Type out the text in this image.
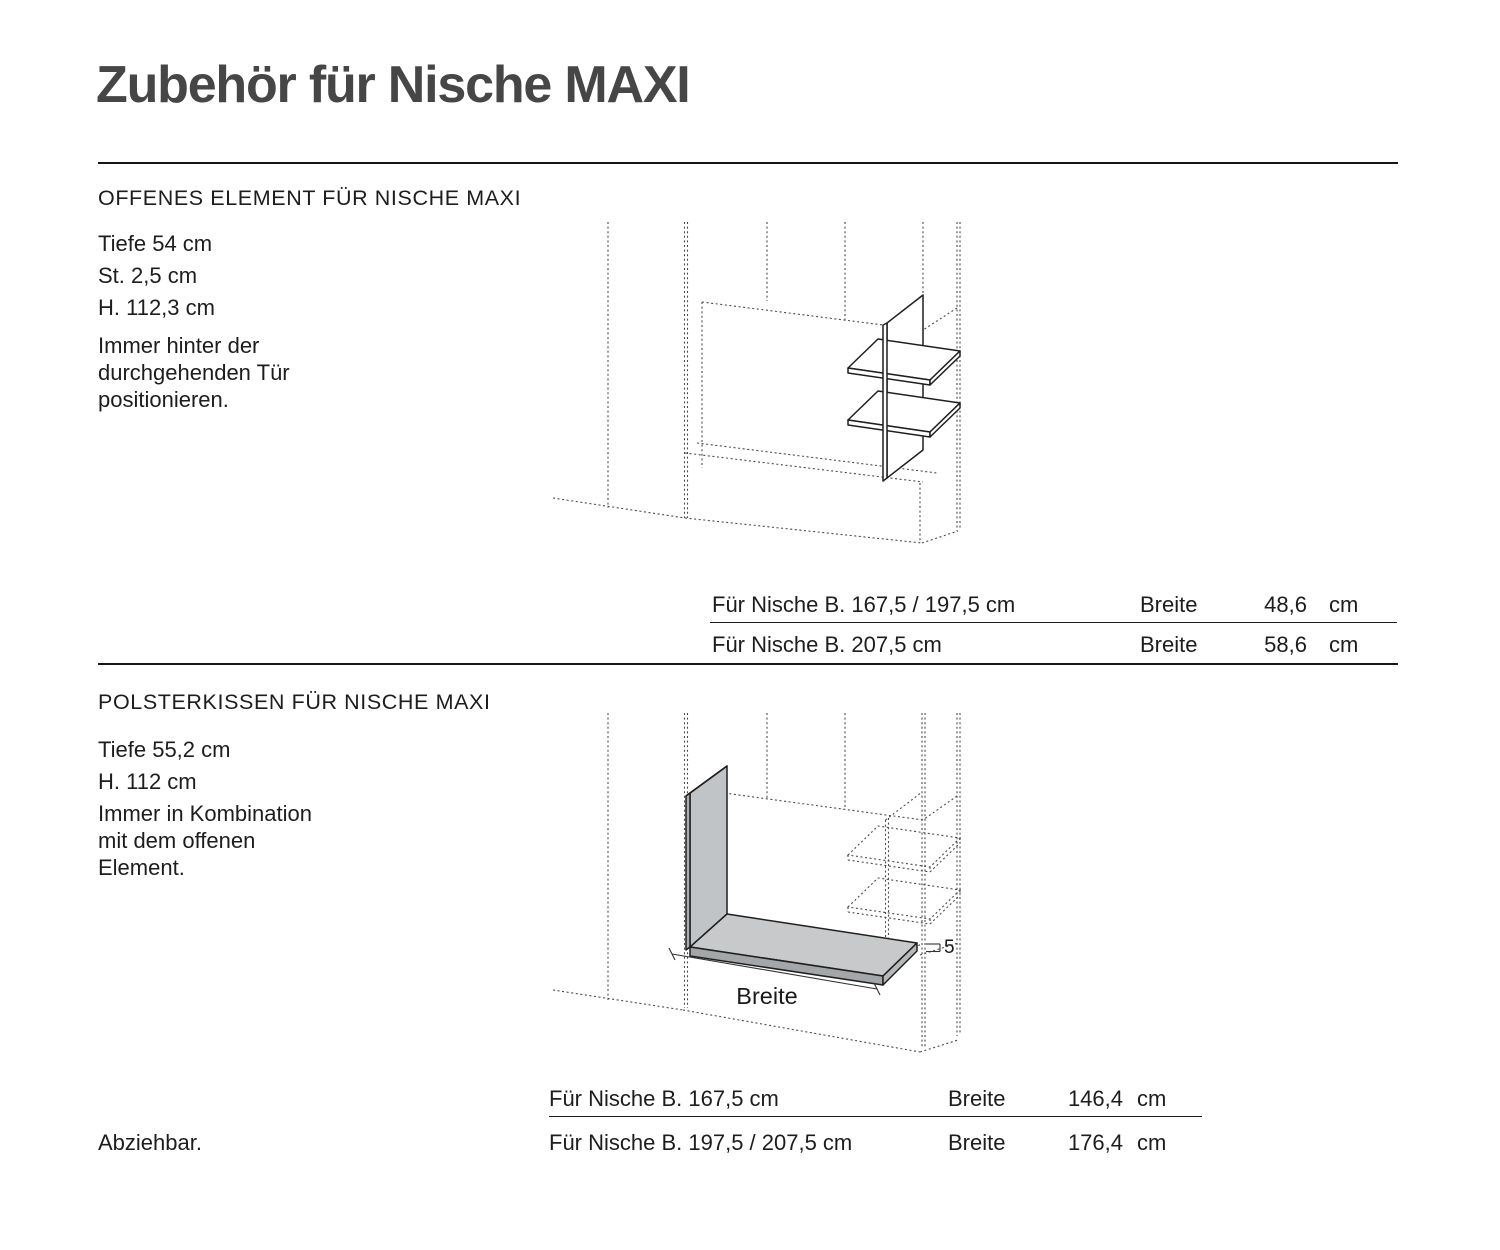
Zubehör für Nische MAXI
OFFENES ELEMENT FÜR NISCHE MAXI
Tiefe 54 cm
St. 2,5 cm
H. 112,3 cm
Immer hinter der
durchgehenden Tür
positionieren.
Für Nische B. 167,5 / 197,5 cm	Breite	48,6 cm
Für Nische B. 207,5 cm	Breite	58,6 cm
POLSTERKISSEN FÜR NISCHE MAXI
Tiefe 55,2 cm
H. 112 cm
Immer in Kombination
mit dem offenen
Element.
Breite
5
Für Nische B. 167,5 cm	Breite	146,4 cm
Für Nische B. 197,5 / 207,5 cm	Breite	176,4 cm
Abziehbar.
